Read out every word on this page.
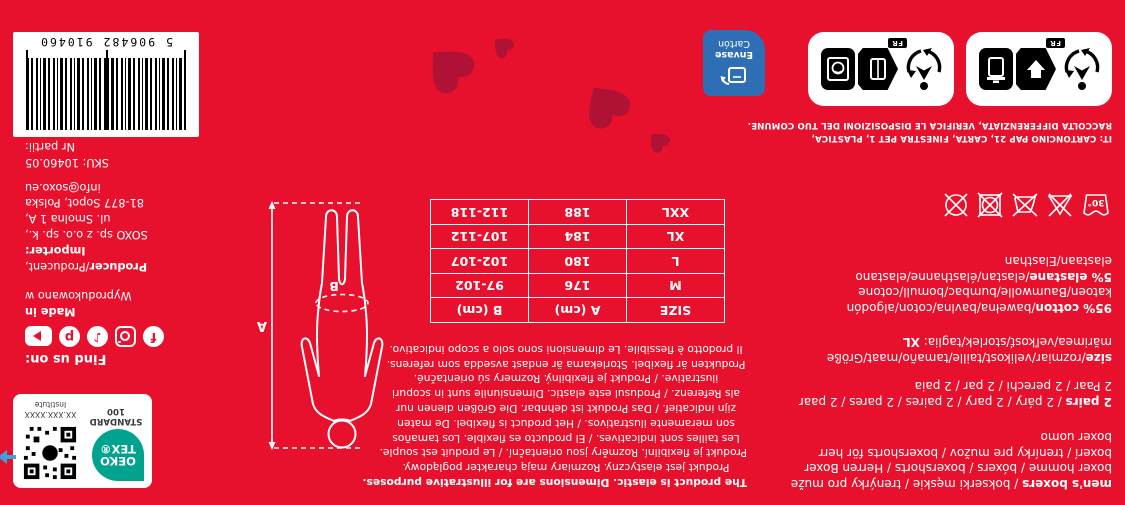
men's boxers / bokserki męskie / trenýrky pro muže
boxer homme / bóxers / boxershorts / Herren Boxer
boxerí / trenírky pre mužov / boxershorts för herr
boxer uomo
2 pairs / 2 páry / 2 pary / 2 paires / 2 pares / 2 paar
2 Paar / 2 perechi / 2 par / 2 paia
size/rozmiar/velikost/taille/tamaño/maat/Größe
mărimea/veľkosť/storlek/taglia: XL
95% cotton/bawełna/bavlna/coton/algodón
katoen/Baumwolle/bumbac/bomull/cotone
5% elastane/elastan/élasthanne/elastano
elastaan/Elasthan
30°
IT: CARTONCINO PAP 21, CARTA, FINESTRA PET 1, PLASTICA,
RACCOLTA DIFFERENZIATA, VERIFICA LE DISPOSIZIONI DEL TUO COMUNE.
FR
FR
Envase
Cartón
The product is elastic. Dimensions are for illustrative purposes.
Produkt jest elastyczny. Rozmiary mają charakter poglądowy.
Produkt je flexibilní. Rozměry jsou orientační. / Le produit est souple.
Les tailles sont indicatives. / El producto es flexible. Los tamaños
son meramente ilustrativos. / Het product is flexibel. De maten
zijn indicatief. / Das Produkt ist dehnbar. Die Größen dienen nur
als Referenz. / Produsul este elastic. Dimensiunile sunt in scopuri
ilustrative. / Produkt je flexibilný. Rozmery sú orientačné.
Produkten är flexibel. Storlekarna är endast avsedda som referens.
Il prodotto è flessibile. Le dimensioni sono solo a scopo indicativo.
SIZE	A (cm)	B (cm)
M	176	97-102
L	180	102-107
XL	184	107-112
XXL	188	112-118
A
B
OEKO
TEX®
STANDARD
100
XX.XXX.XXXX
Institute
Find us on:
f
♪
p
Made in
Wyprodukowano w
Producer/Producent,
Importer:
SOXO sp. z o.o. sp. k.,
ul. Smolna 1 A,
81-877 Sopot, Polska
info@soxo.eu
SKU: 10460.05
Nr partii:
5 906482 910460
